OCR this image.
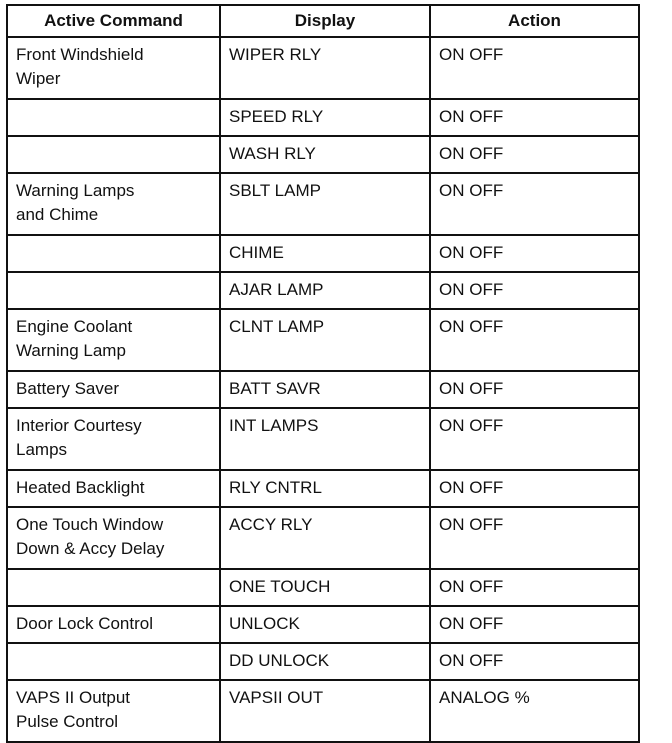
Active Command	Display	Action
Front Windshield
Wiper	WIPER RLY	ON OFF
	SPEED RLY	ON OFF
	WASH RLY	ON OFF
Warning Lamps
and Chime	SBLT LAMP	ON OFF
	CHIME	ON OFF
	AJAR LAMP	ON OFF
Engine Coolant
Warning Lamp	CLNT LAMP	ON OFF
Battery Saver	BATT SAVR	ON OFF
Interior Courtesy
Lamps	INT LAMPS	ON OFF
Heated Backlight	RLY CNTRL	ON OFF
One Touch Window
Down & Accy Delay	ACCY RLY	ON OFF
	ONE TOUCH	ON OFF
Door Lock Control	UNLOCK	ON OFF
	DD UNLOCK	ON OFF
VAPS II Output
Pulse Control	VAPSII OUT	ANALOG %
